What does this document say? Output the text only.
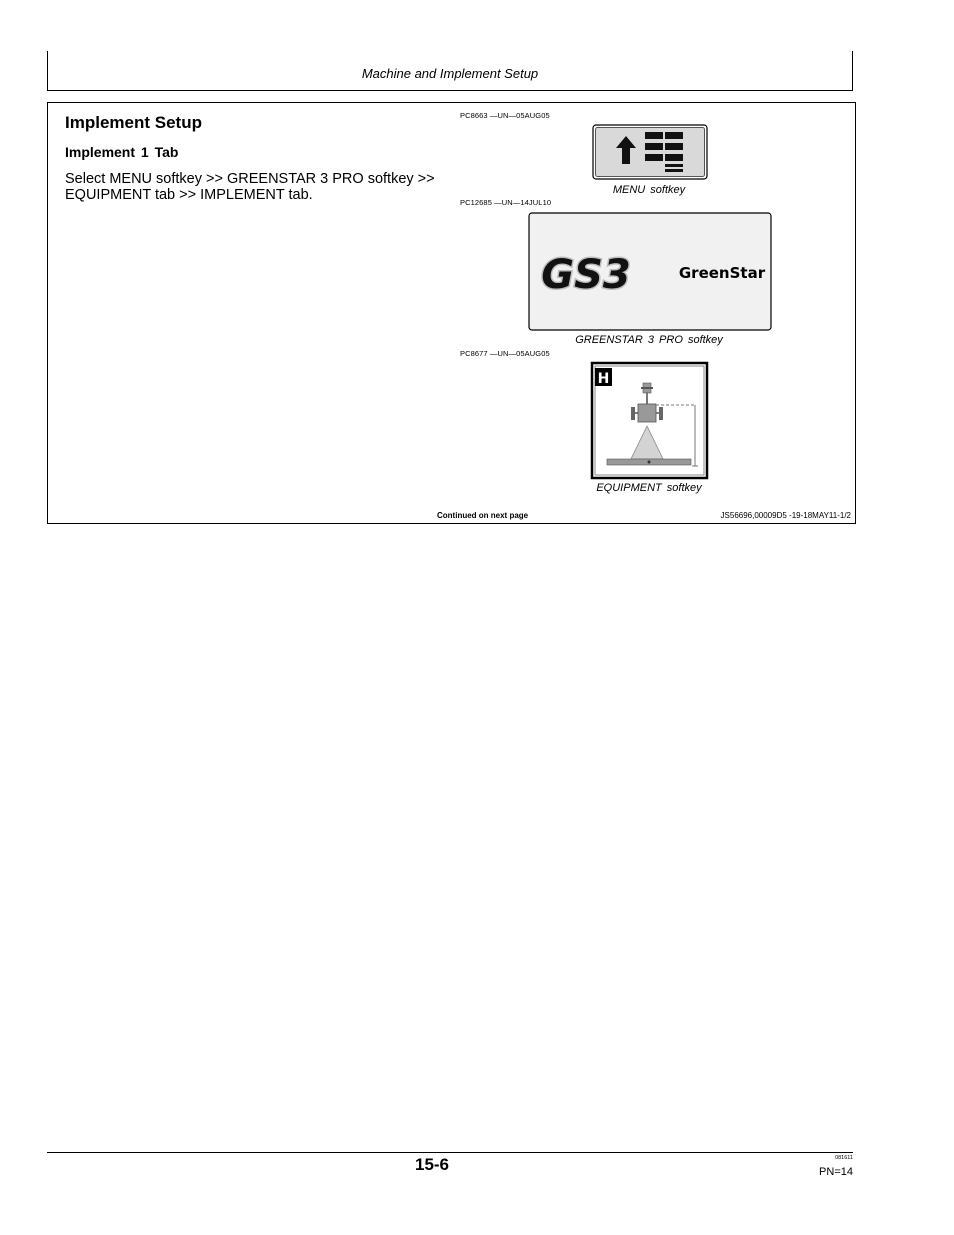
Machine and Implement Setup
Implement Setup
Implement 1 Tab
Select MENU softkey >> GREENSTAR 3 PRO softkey >> EQUIPMENT tab >> IMPLEMENT tab.
PC8663 —UN—05AUG05
MENU softkey
PC12685 —UN—14JUL10
GS3	GreenStar
GREENSTAR 3 PRO softkey
PC8677 —UN—05AUG05
H
EQUIPMENT softkey
Continued on next page	JS56696,00009D5 -19-18MAY11-1/2
15-6	081611
PN=14
